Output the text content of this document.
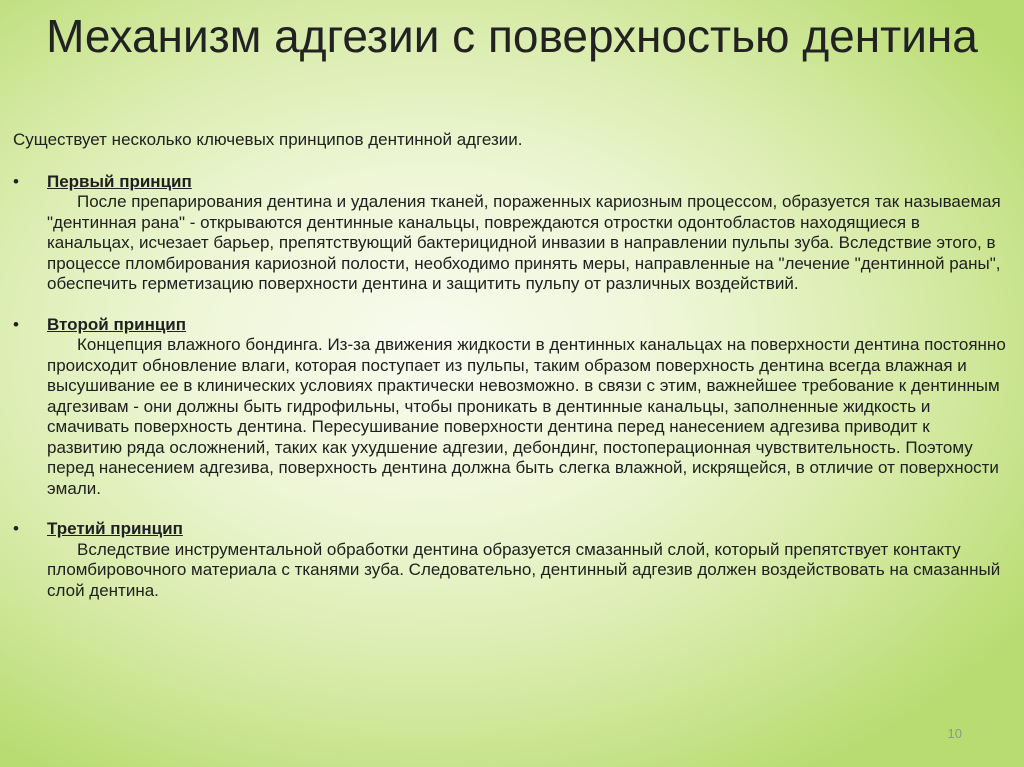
Механизм адгезии с поверхностью дентина

Существует несколько ключевых принципов дентинной адгезии.

• Первый принцип

После препарирования дентина и удаления тканей, пораженных кариозным процессом, образуется так называемая "дентинная рана" - открываются дентинные канальцы, повреждаются отростки одонтобластов находящиеся в канальцах, исчезает барьер, препятствующий бактерицидной инвазии в направлении пульпы зуба. Вследствие этого, в процессе пломбирования кариозной полости, необходимо принять меры, направленные на "лечение "дентинной раны", обеспечить герметизацию поверхности дентина и защитить пульпу от различных воздействий.

• Второй принцип

Концепция влажного бондинга. Из-за движения жидкости в дентинных канальцах на поверхности дентина постоянно происходит обновление влаги, которая поступает из пульпы, таким образом поверхность дентина всегда влажная и высушивание ее в клинических условиях практически невозможно. в связи с этим, важнейшее требование к дентинным адгезивам - они должны быть гидрофильны, чтобы проникать в дентинные канальцы, заполненные жидкость и смачивать поверхность дентина. Пересушивание поверхности дентина перед нанесением адгезива приводит к развитию ряда осложнений, таких как ухудшение адгезии, дебондинг, постоперационная чувствительность. Поэтому перед нанесением адгезива, поверхность дентина должна быть слегка влажной, искрящейся, в отличие от поверхности эмали.

• Третий принцип

Вследствие инструментальной обработки дентина образуется смазанный слой, который препятствует контакту пломбировочного материала с тканями зуба. Следовательно, дентинный адгезив должен воздействовать на смазанный слой дентина.

10
